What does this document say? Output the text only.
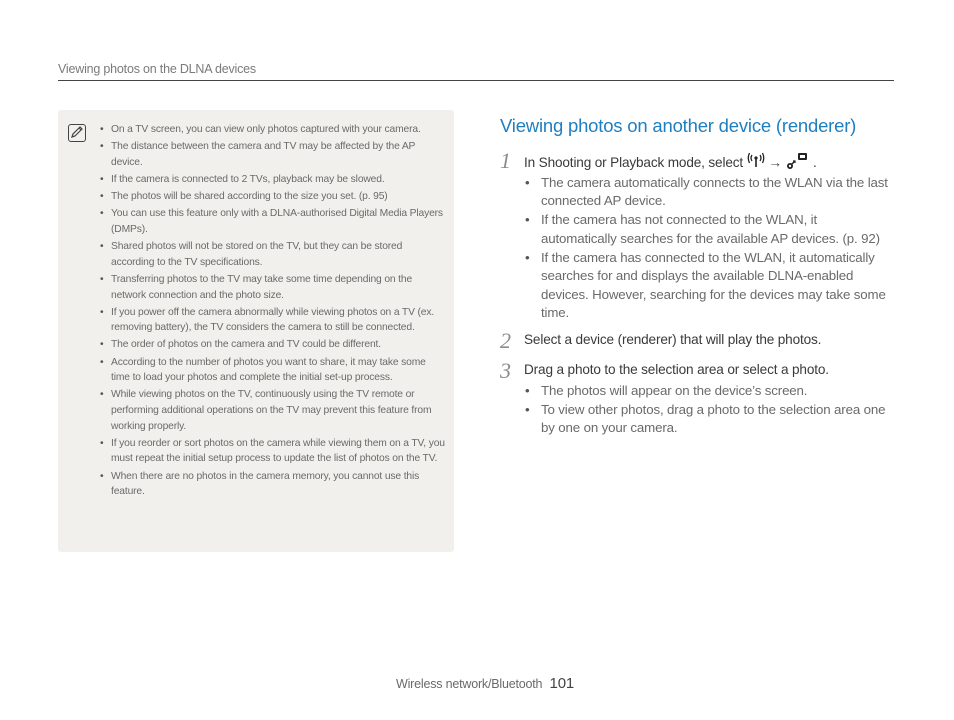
Viewing photos on the DLNA devices
• On a TV screen, you can view only photos captured with your camera.
• The distance between the camera and TV may be affected by the AP device.
• If the camera is connected to 2 TVs, playback may be slowed.
• The photos will be shared according to the size you set. (p. 95)
• You can use this feature only with a DLNA-authorised Digital Media Players (DMPs).
• Shared photos will not be stored on the TV, but they can be stored according to the TV specifications.
• Transferring photos to the TV may take some time depending on the network connection and the photo size.
• If you power off the camera abnormally while viewing photos on a TV (ex. removing battery), the TV considers the camera to still be connected.
• The order of photos on the camera and TV could be different.
• According to the number of photos you want to share, it may take some time to load your photos and complete the initial set-up process.
• While viewing photos on the TV, continuously using the TV remote or performing additional operations on the TV may prevent this feature from working properly.
• If you reorder or sort photos on the camera while viewing them on a TV, you must repeat the initial setup process to update the list of photos on the TV.
• When there are no photos in the camera memory, you cannot use this feature.
Viewing photos on another device (renderer)
1 In Shooting or Playback mode, select → .
• The camera automatically connects to the WLAN via the last connected AP device.
• If the camera has not connected to the WLAN, it automatically searches for the available AP devices. (p. 92)
• If the camera has connected to the WLAN, it automatically searches for and displays the available DLNA-enabled devices. However, searching for the devices may take some time.
2 Select a device (renderer) that will play the photos.
3 Drag a photo to the selection area or select a photo.
• The photos will appear on the device’s screen.
• To view other photos, drag a photo to the selection area one by one on your camera.
Wireless network/Bluetooth 101
